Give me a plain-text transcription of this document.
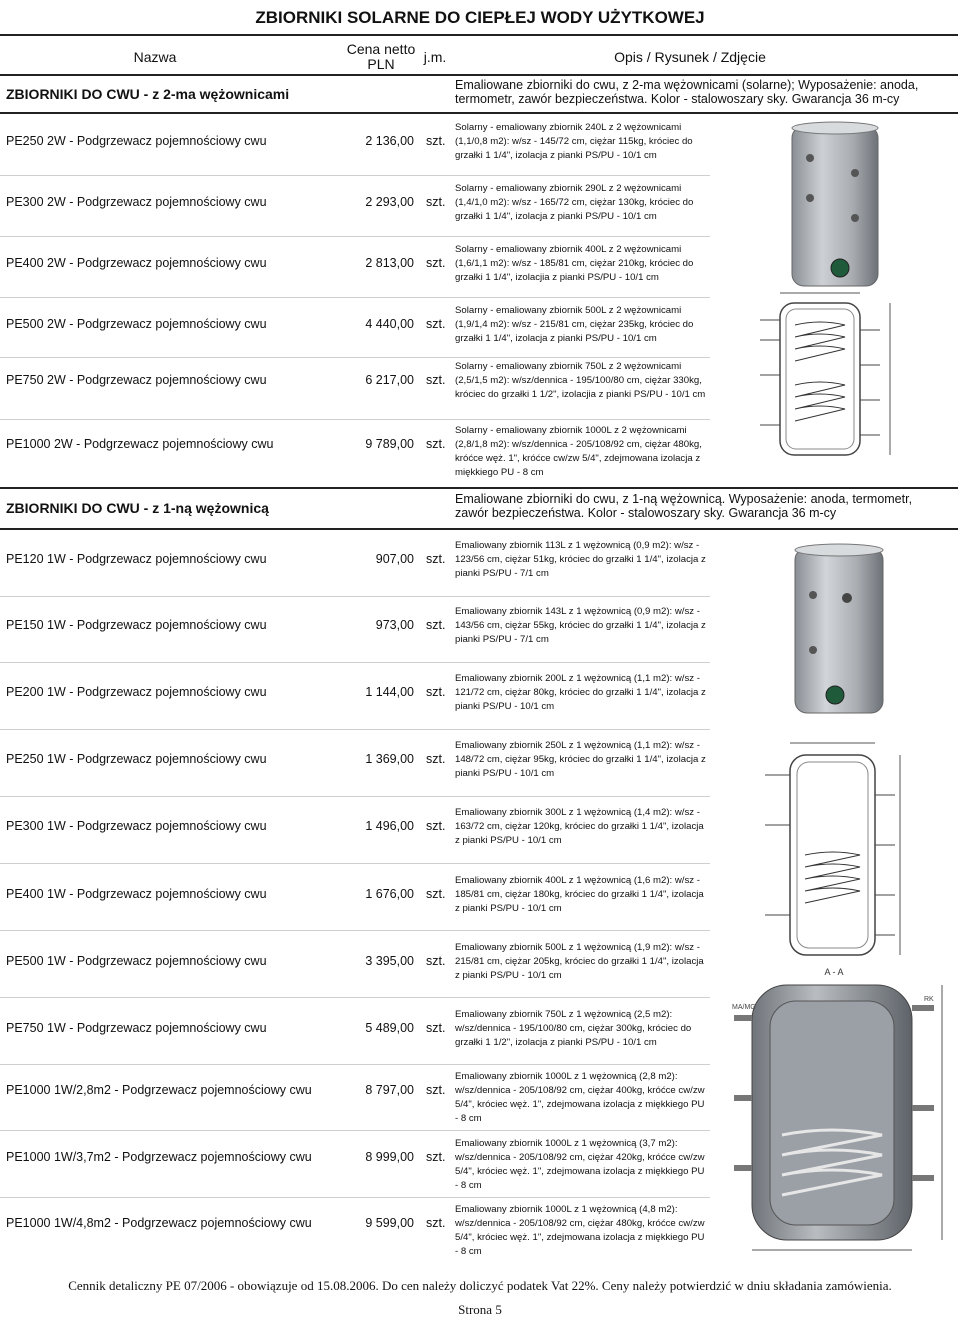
ZBIORNIKI SOLARNE DO CIEPŁEJ WODY UŻYTKOWEJ
Nazwa	Cena netto
PLN	j.m.	Opis / Rysunek / Zdjęcie
ZBIORNIKI DO CWU - z 2-ma wężownicami
Emaliowane zbiorniki do cwu, z 2-ma wężownicami (solarne); Wyposażenie: anoda, termometr, zawór bezpieczeństwa. Kolor - stalowoszary sky. Gwarancja 36 m-cy
PE250 2W - Podgrzewacz pojemnościowy cwu	2 136,00 szt.
Solarny - emaliowany zbiornik 240L z 2 wężownicami (1,1/0,8 m2): w/sz - 145/72 cm, ciężar 115kg, króciec do grzałki 1 1/4", izolacja z pianki PS/PU - 10/1 cm
PE300 2W - Podgrzewacz pojemnościowy cwu	2 293,00 szt.
Solarny - emaliowany zbiornik 290L z 2 wężownicami (1,4/1,0 m2): w/sz - 165/72 cm, ciężar 130kg, króciec do grzałki 1 1/4", izolacja z pianki PS/PU - 10/1 cm
PE400 2W - Podgrzewacz pojemnościowy cwu	2 813,00 szt.
Solarny - emaliowany zbiornik 400L z 2 wężownicami (1,6/1,1 m2): w/sz - 185/81 cm, ciężar 210kg, króciec do grzałki 1 1/4", izolacjia z pianki PS/PU - 10/1 cm
PE500 2W - Podgrzewacz pojemnościowy cwu	4 440,00 szt.
Solarny - emaliowany zbiornik 500L z 2 wężownicami (1,9/1,4 m2): w/sz - 215/81 cm, ciężar 235kg, króciec do grzałki 1 1/4", izolacja z pianki PS/PU - 10/1 cm
PE750 2W - Podgrzewacz pojemnościowy cwu	6 217,00 szt.
Solarny - emaliowany zbiornik 750L z 2 wężownicami (2,5/1,5 m2): w/sz/dennica - 195/100/80 cm, ciężar 330kg, króciec do grzałki 1 1/2", izolacjia z pianki PS/PU - 10/1 cm
PE1000 2W - Podgrzewacz pojemnościowy cwu	9 789,00 szt.
Solarny - emaliowany zbiornik 1000L z 2 wężownicami (2,8/1,8 m2): w/sz/dennica - 205/108/92 cm, ciężar 480kg, króćce węż. 1", króćce cw/zw 5/4", zdejmowana izolacja z miękkiego PU - 8 cm
ZBIORNIKI DO CWU - z 1-ną wężownicą
Emaliowane zbiorniki do cwu, z 1-ną wężownicą. Wyposażenie: anoda, termometr, zawór bezpieczeństwa. Kolor - stalowoszary sky. Gwarancja 36 m-cy
PE120 1W - Podgrzewacz pojemnościowy cwu	907,00 szt.
Emaliowany zbiornik 113L z 1 wężownicą (0,9 m2): w/sz - 123/56 cm, ciężar 51kg, króciec do grzałki 1 1/4", izolacja z pianki PS/PU - 7/1 cm
PE150 1W - Podgrzewacz pojemnościowy cwu	973,00 szt.
Emaliowany zbiornik 143L z 1 wężownicą (0,9 m2): w/sz - 143/56 cm, ciężar 55kg, króciec do grzałki 1 1/4", izolacja z pianki PS/PU - 7/1 cm
PE200 1W - Podgrzewacz pojemnościowy cwu	1 144,00 szt.
Emaliowany zbiornik 200L z 1 wężownicą (1,1 m2): w/sz - 121/72 cm, ciężar 80kg, króciec do grzałki 1 1/4", izolacja z pianki PS/PU - 10/1 cm
PE250 1W - Podgrzewacz pojemnościowy cwu	1 369,00 szt.
Emaliowany zbiornik 250L z 1 wężownicą (1,1 m2): w/sz - 148/72 cm, ciężar 95kg, króciec do grzałki 1 1/4", izolacja z pianki PS/PU - 10/1 cm
PE300 1W - Podgrzewacz pojemnościowy cwu	1 496,00 szt.
Emaliowany zbiornik 300L z 1 wężownicą (1,4 m2): w/sz - 163/72 cm, ciężar 120kg, króciec do grzałki 1 1/4", izolacja z pianki PS/PU - 10/1 cm
PE400 1W - Podgrzewacz pojemnościowy cwu	1 676,00 szt.
Emaliowany zbiornik 400L z 1 wężownicą (1,6 m2): w/sz - 185/81 cm, ciężar 180kg, króciec do grzałki 1 1/4", izolacja z pianki PS/PU - 10/1 cm
PE500 1W - Podgrzewacz pojemnościowy cwu	3 395,00 szt.
Emaliowany zbiornik 500L z 1 wężownicą (1,9 m2): w/sz - 215/81 cm, ciężar 205kg, króciec do grzałki 1 1/4", izolacja z pianki PS/PU - 10/1 cm
PE750 1W - Podgrzewacz pojemnościowy cwu	5 489,00 szt.
Emaliowany zbiornik 750L z 1 wężownicą (2,5 m2): w/sz/dennica - 195/100/80 cm, ciężar 300kg, króciec do grzałki 1 1/2", izolacja z pianki PS/PU - 10/1 cm
PE1000 1W/2,8m2 - Podgrzewacz pojemnościowy cwu	8 797,00 szt.
Emaliowany zbiornik 1000L z 1 wężownicą (2,8 m2): w/sz/dennica - 205/108/92 cm, ciężar 400kg, króćce cw/zw 5/4", króciec węż. 1", zdejmowana izolacja z miękkiego PU - 8 cm
PE1000 1W/3,7m2 - Podgrzewacz pojemnościowy cwu	8 999,00 szt.
Emaliowany zbiornik 1000L z 1 wężownicą (3,7 m2): w/sz/dennica - 205/108/92 cm, ciężar 420kg, króćce cw/zw 5/4", króciec węż. 1", zdejmowana izolacja z miękkiego PU - 8 cm
PE1000 1W/4,8m2 - Podgrzewacz pojemnościowy cwu	9 599,00 szt.
Emaliowany zbiornik 1000L z 1 wężownicą (4,8 m2): w/sz/dennica - 205/108/92 cm, ciężar 480kg, króćce cw/zw 5/4", króciec węż. 1", zdejmowana izolacja z miękkiego PU - 8 cm
A - A
MA/MG
RK
Cennik detaliczny PE 07/2006 - obowiązuje od 15.08.2006. Do cen należy doliczyć podatek Vat 22%. Ceny należy potwierdzić w dniu składania zamówienia.
Strona 5
